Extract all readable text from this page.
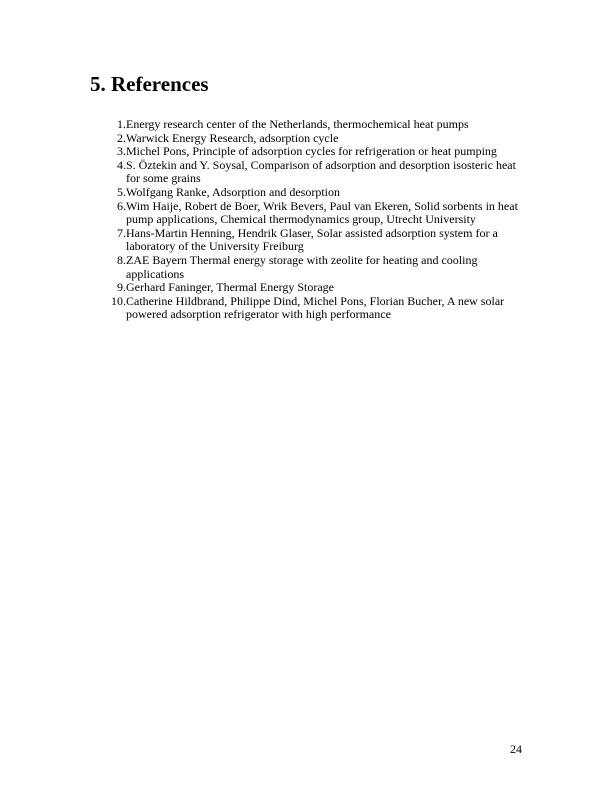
5. References
1. Energy research center of the Netherlands, thermochemical heat pumps
2. Warwick Energy Research, adsorption cycle
3. Michel Pons, Principle of adsorption cycles for refrigeration or heat pumping
4. S. Öztekin and Y. Soysal, Comparison of adsorption and desorption isosteric heat for some grains
5. Wolfgang Ranke, Adsorption and desorption
6. Wim Haije, Robert de Boer, Wrik Bevers, Paul van Ekeren, Solid sorbents in heat pump applications, Chemical thermodynamics group, Utrecht University
7. Hans-Martin Henning, Hendrik Glaser, Solar assisted adsorption system for a laboratory of the University Freiburg
8. ZAE Bayern Thermal energy storage with zeolite for heating and cooling applications
9. Gerhard Faninger, Thermal Energy Storage
10. Catherine Hildbrand, Philippe Dind, Michel Pons, Florian Bucher, A new solar powered adsorption refrigerator with high performance
24
